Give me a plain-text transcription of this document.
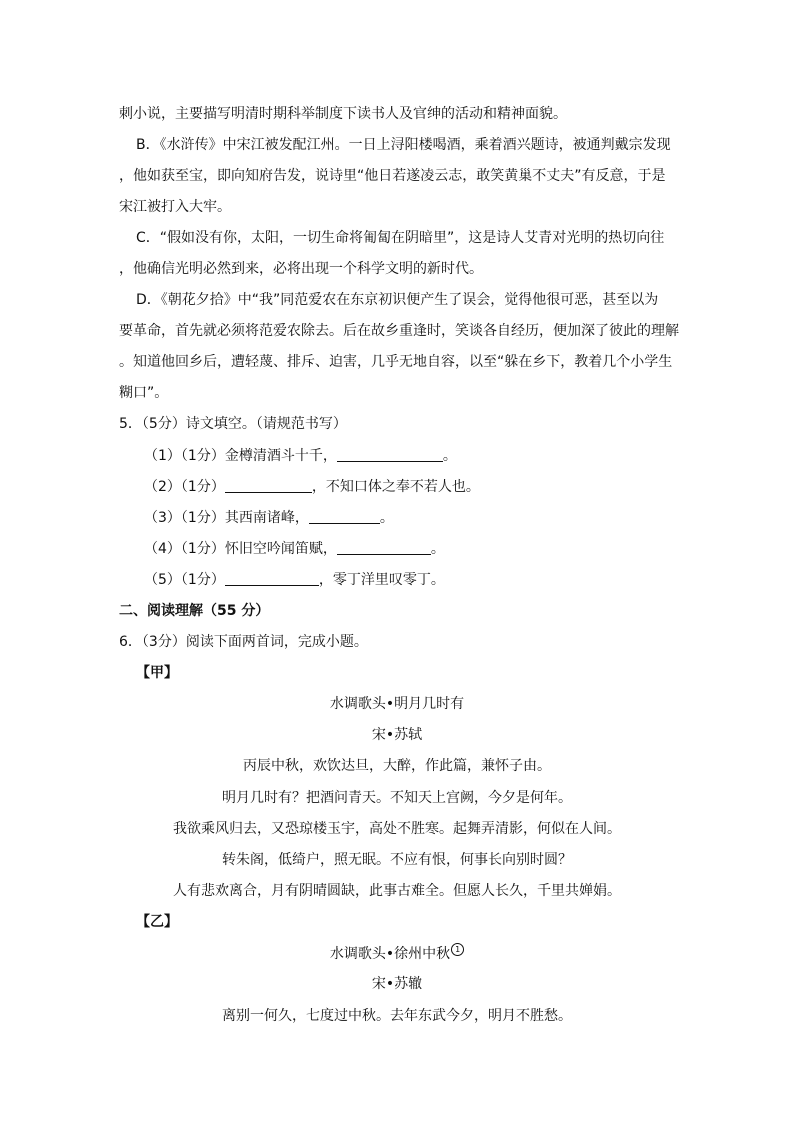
刺小说，主要描写明清时期科举制度下读书人及官绅的活动和精神面貌。
B．《水浒传》中宋江被发配江州。一日上浔阳楼喝酒，乘着酒兴题诗，被通判戴宗发现
，他如获至宝，即向知府告发，说诗里“他日若遂凌云志，敢笑黄巢不丈夫”有反意，于是
宋江被打入大牢。
C．“假如没有你，太阳，一切生命将匍匐在阴暗里”，这是诗人艾青对光明的热切向往
，他确信光明必然到来，必将出现一个科学文明的新时代。
D．《朝花夕拾》中“我”同范爱农在东京初识便产生了误会，觉得他很可恶，甚至以为
要革命，首先就必须将范爱农除去。后在故乡重逢时，笑谈各自经历，便加深了彼此的理解
。知道他回乡后，遭轻蔑、排斥、迫害，几乎无地自容，以至“躲在乡下，教着几个小学生
糊口”。
5．（5分）诗文填空。（请规范书写）
（1）（1分）金樽清酒斗十千，	。
（2）（1分）	，不知口体之奉不若人也。
（3）（1分）其西南诸峰，	。
（4）（1分）怀旧空吟闻笛赋，	。
（5）（1分）	，零丁洋里叹零丁。
二、阅读理解（55 分）
6．（3分）阅读下面两首词，完成小题。
【甲】
水调歌头•明月几时有
宋•苏轼
丙辰中秋，欢饮达旦，大醉，作此篇，兼怀子由。
明月几时有？把酒问青天。不知天上宫阙，今夕是何年。
我欲乘风归去，又恐琼楼玉宇，高处不胜寒。起舞弄清影，何似在人间。
转朱阁，低绮户，照无眠。不应有恨，何事长向别时圆？
人有悲欢离合，月有阴晴圆缺，此事古难全。但愿人长久，千里共婵娟。
【乙】
水调歌头•徐州中秋 1
宋•苏辙
离别一何久，七度过中秋。去年东武今夕，明月不胜愁。
